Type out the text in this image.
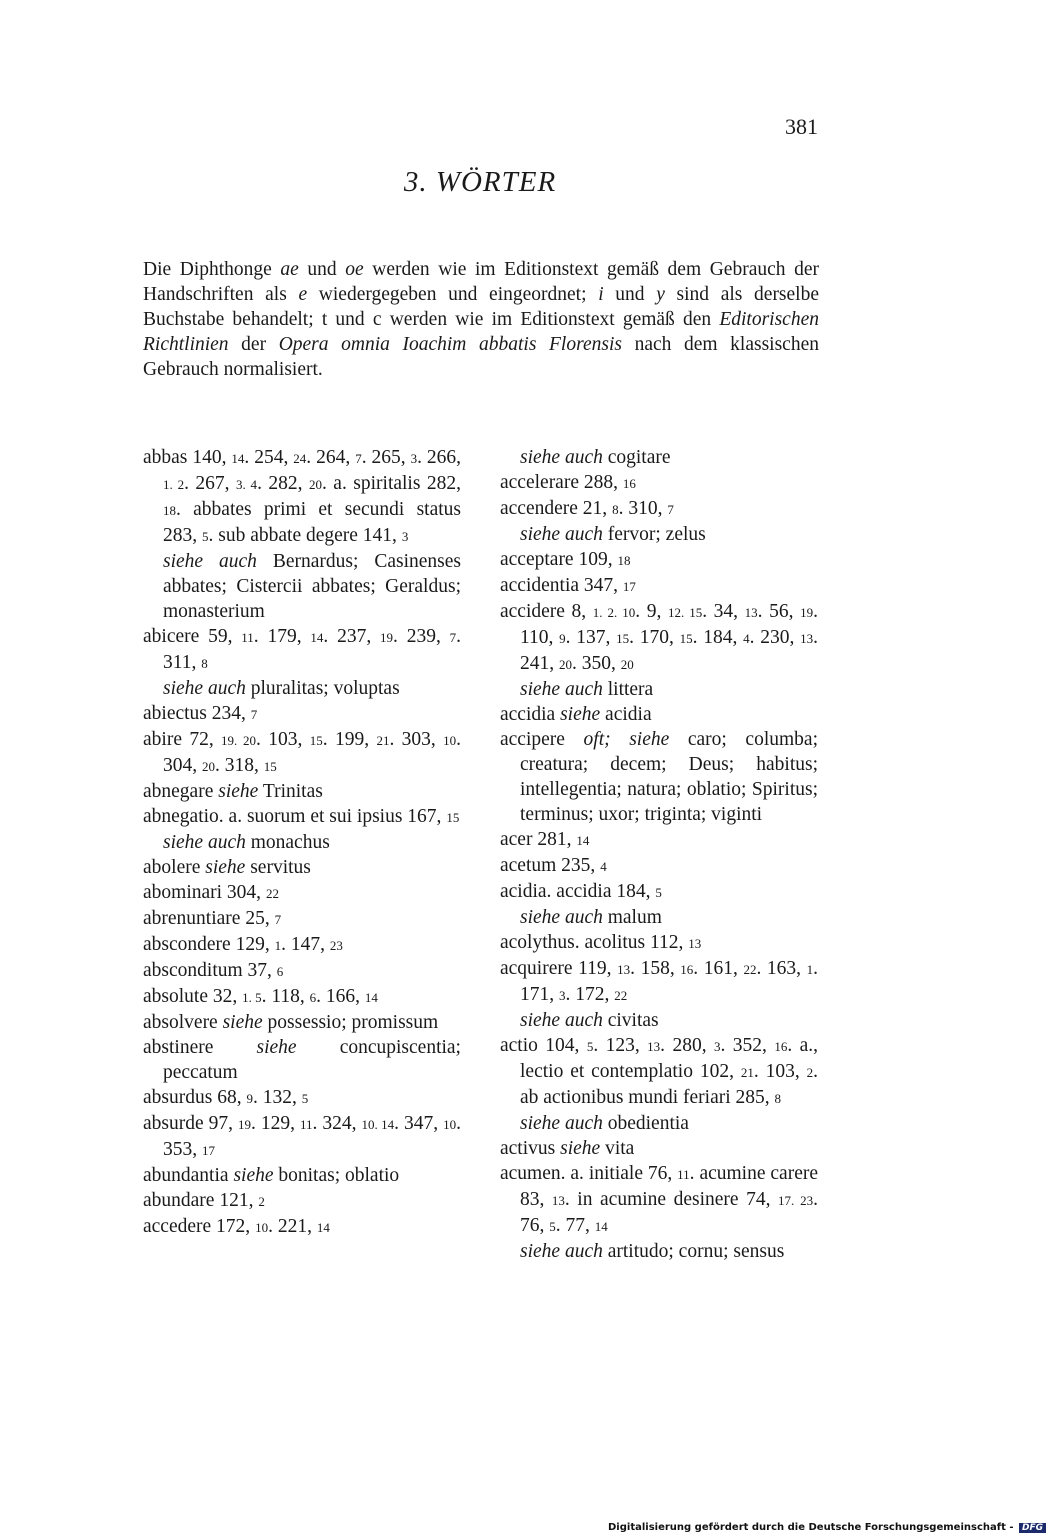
381
3. WÖRTER
Die Diphthonge ae und oe werden wie im Editionstext gemäß dem Gebrauch der Handschriften als e wiedergegeben und eingeordnet; i und y sind als derselbe Buchstabe behandelt; t und c werden wie im Editionstext gemäß den Editorischen Richtlinien der Opera omnia Ioachim abbatis Florensis nach dem klassischen Gebrauch normalisiert.
abbas 140, 14. 254, 24. 264, 7. 265, 3. 266, 1. 2. 267, 3. 4. 282, 20. a. spiritalis 282, 18. abbates primi et secundi status 283, 5. sub abbate degere 141, 3
siehe auch Bernardus; Casinenses abbates; Cistercii abbates; Geraldus; monasterium
abicere 59, 11. 179, 14. 237, 19. 239, 7. 311, 8
siehe auch pluralitas; voluptas
abiectus 234, 7
abire 72, 19. 20. 103, 15. 199, 21. 303, 10. 304, 20. 318, 15
abnegare siehe Trinitas
abnegatio. a. suorum et sui ipsius 167, 15
siehe auch monachus
abolere siehe servitus
abominari 304, 22
abrenuntiare 25, 7
abscondere 129, 1. 147, 23
absconditum 37, 6
absolute 32, 1. 5. 118, 6. 166, 14
absolvere siehe possessio; promissum
abstinere siehe concupiscentia; peccatum
absurdus 68, 9. 132, 5
absurde 97, 19. 129, 11. 324, 10. 14. 347, 10. 353, 17
abundantia siehe bonitas; oblatio
abundare 121, 2
accedere 172, 10. 221, 14
siehe auch cogitare
accelerare 288, 16
accendere 21, 8. 310, 7
siehe auch fervor; zelus
acceptare 109, 18
accidentia 347, 17
accidere 8, 1. 2. 10. 9, 12. 15. 34, 13. 56, 19. 110, 9. 137, 15. 170, 15. 184, 4. 230, 13. 241, 20. 350, 20
siehe auch littera
accidia siehe acidia
accipere oft; siehe caro; columba; creatura; decem; Deus; habitus; intellegentia; natura; oblatio; Spiritus; terminus; uxor; triginta; viginti
acer 281, 14
acetum 235, 4
acidia. accidia 184, 5
siehe auch malum
acolythus. acolitus 112, 13
acquirere 119, 13. 158, 16. 161, 22. 163, 1. 171, 3. 172, 22
siehe auch civitas
actio 104, 5. 123, 13. 280, 3. 352, 16. a., lectio et contemplatio 102, 21. 103, 2. ab actionibus mundi feriari 285, 8
siehe auch obedientia
activus siehe vita
acumen. a. initiale 76, 11. acumine carere 83, 13. in acumine desinere 74, 17. 23. 76, 5. 77, 14
siehe auch artitudo; cornu; sensus
Digitalisierung gefördert durch die Deutsche Forschungsgemeinschaft - DFG
